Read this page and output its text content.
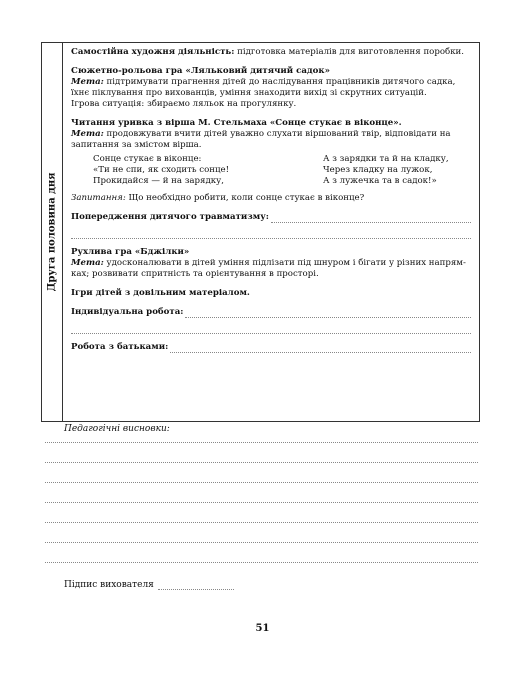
Друга половина дня
Самостійна художня діяльність: підготовка матеріалів для виготовлення поробки.
Сюжетно-рольова гра «Ляльковий дитячий садок»
Мета: підтримувати прагнення дітей до наслідування працівників дитячого садка,
їхнє піклування про вихованців, уміння знаходити вихід зі скрутних ситуацій.
Ігрова ситуація: збираємо ляльок на прогулянку.
Читання уривка з вірша М. Стельмаха «Сонце стукає в віконце».
Мета: продовжувати вчити дітей уважно слухати віршований твір, відповідати на
запитання за змістом вірша.
Сонце стукає в віконце:
«Ти не спи, як сходить сонце!
Прокидайся — й на зарядку,
А з зарядки та й на кладку,
Через кладку на лужок,
А з лужечка та в садок!»
Запитання: Що необхідно робити, коли сонце стукає в віконце?
Попередження дитячого травматизму:
Рухлива гра «Бджілки»
Мета: удосконалювати в дітей уміння підлізати під шнуром і бігати у різних напрям-
ках; розвивати спритність та орієнтування в просторі.
Ігри дітей з довільним матеріалом.
Індивідуальна робота:
Робота з батьками:
Педагогічні висновки:
Підпис вихователя
51
